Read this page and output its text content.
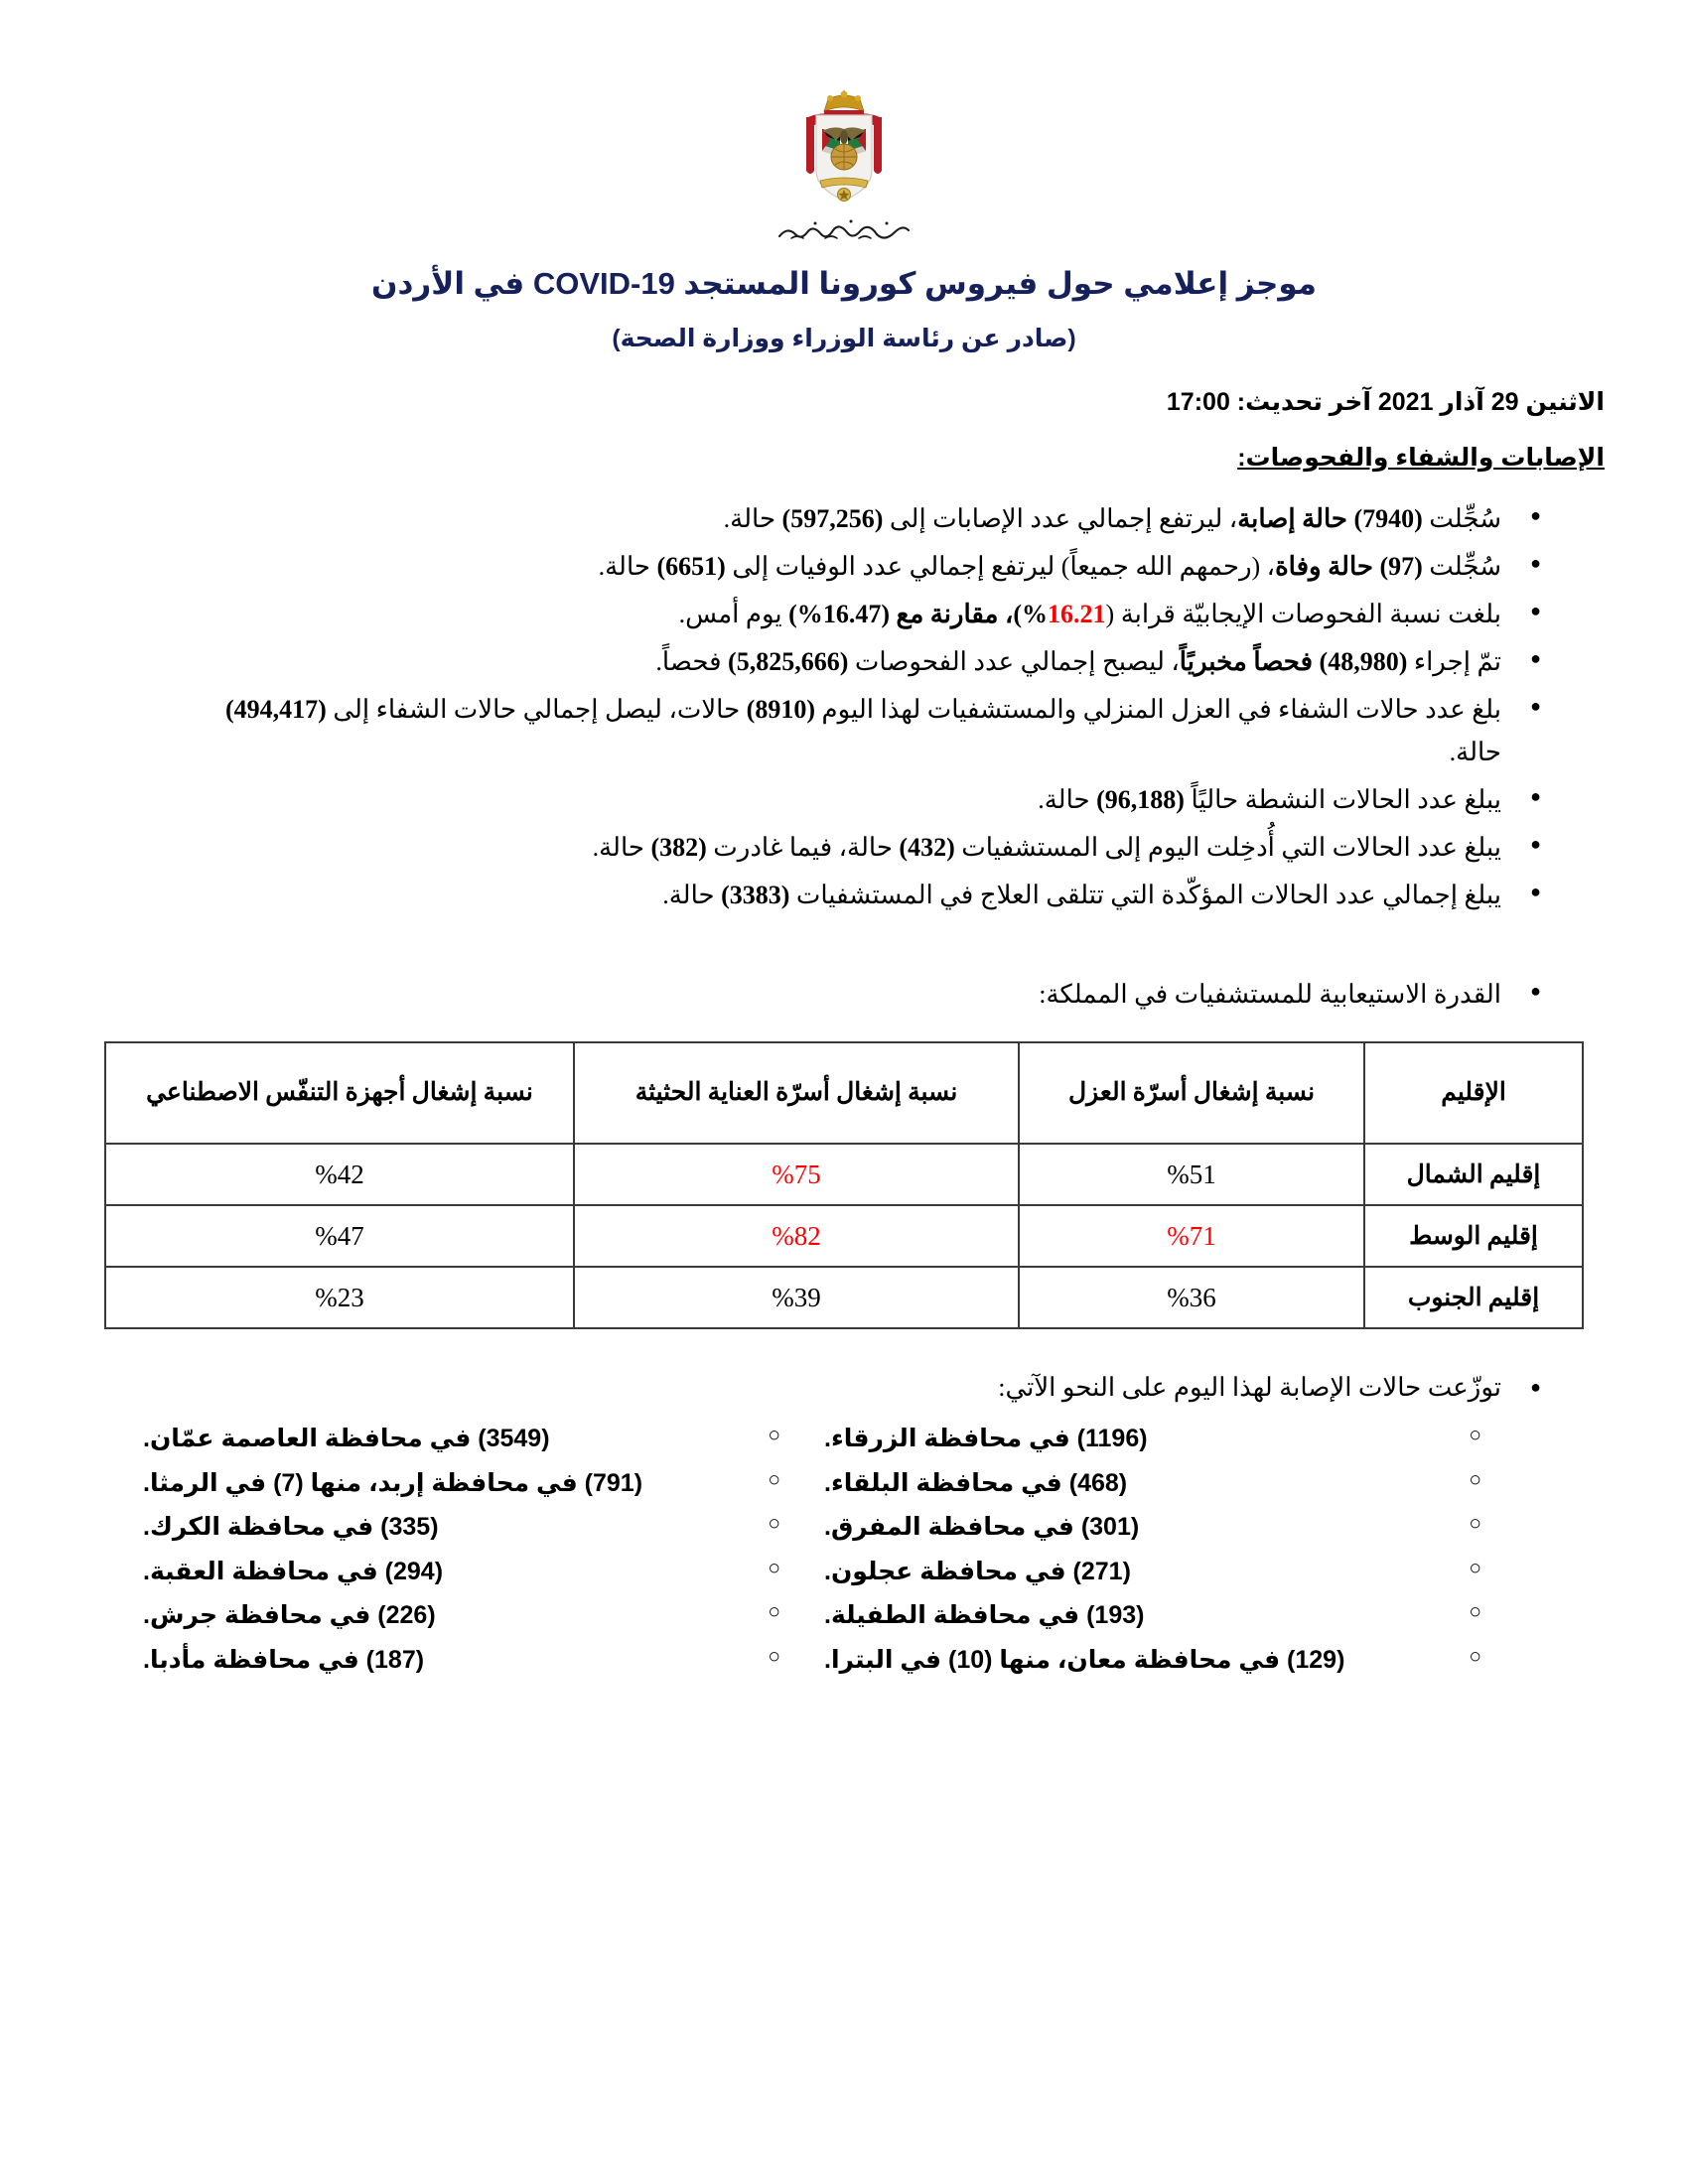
موجز إعلامي حول فيروس كورونا المستجد COVID-19 في الأردن
(صادر عن رئاسة الوزراء ووزارة الصحة)
الاثنين 29 آذار 2021 آخر تحديث: 17:00
الإصابات والشفاء والفحوصات:
● سُجِّلت (7940) حالة إصابة، ليرتفع إجمالي عدد الإصابات إلى (597,256) حالة.
● سُجِّلت (97) حالة وفاة، (رحمهم الله جميعاً) ليرتفع إجمالي عدد الوفيات إلى (6651) حالة.
● بلغت نسبة الفحوصات الإيجابيّة قرابة (16.21%)، مقارنة مع (16.47%) يوم أمس.
● تمّ إجراء (48,980) فحصاً مخبريًاً، ليصبح إجمالي عدد الفحوصات (5,825,666) فحصاً.
● بلغ عدد حالات الشفاء في العزل المنزلي والمستشفيات لهذا اليوم (8910) حالات، ليصل إجمالي حالات الشفاء إلى (494,417) حالة.
● يبلغ عدد الحالات النشطة حاليًاً (96,188) حالة.
● يبلغ عدد الحالات التي أُدخِلت اليوم إلى المستشفيات (432) حالة، فيما غادرت (382) حالة.
● يبلغ إجمالي عدد الحالات المؤكّدة التي تتلقى العلاج في المستشفيات (3383) حالة.
● القدرة الاستيعابية للمستشفيات في المملكة:
الإقليم	نسبة إشغال أسرّة العزل	نسبة إشغال أسرّة العناية الحثيثة	نسبة إشغال أجهزة التنفّس الاصطناعي
إقليم الشمال	%51	%75	%42
إقليم الوسط	%71	%82	%47
إقليم الجنوب	%36	%39	%23
● توزّعت حالات الإصابة لهذا اليوم على النحو الآتي:
○ (1196) في محافظة الزرقاء.
○ (468) في محافظة البلقاء.
○ (301) في محافظة المفرق.
○ (271) في محافظة عجلون.
○ (193) في محافظة الطفيلة.
○ (129) في محافظة معان، منها (10) في البترا.
○ (3549) في محافظة العاصمة عمّان.
○ (791) في محافظة إربد، منها (7) في الرمثا.
○ (335) في محافظة الكرك.
○ (294) في محافظة العقبة.
○ (226) في محافظة جرش.
○ (187) في محافظة مأدبا.
